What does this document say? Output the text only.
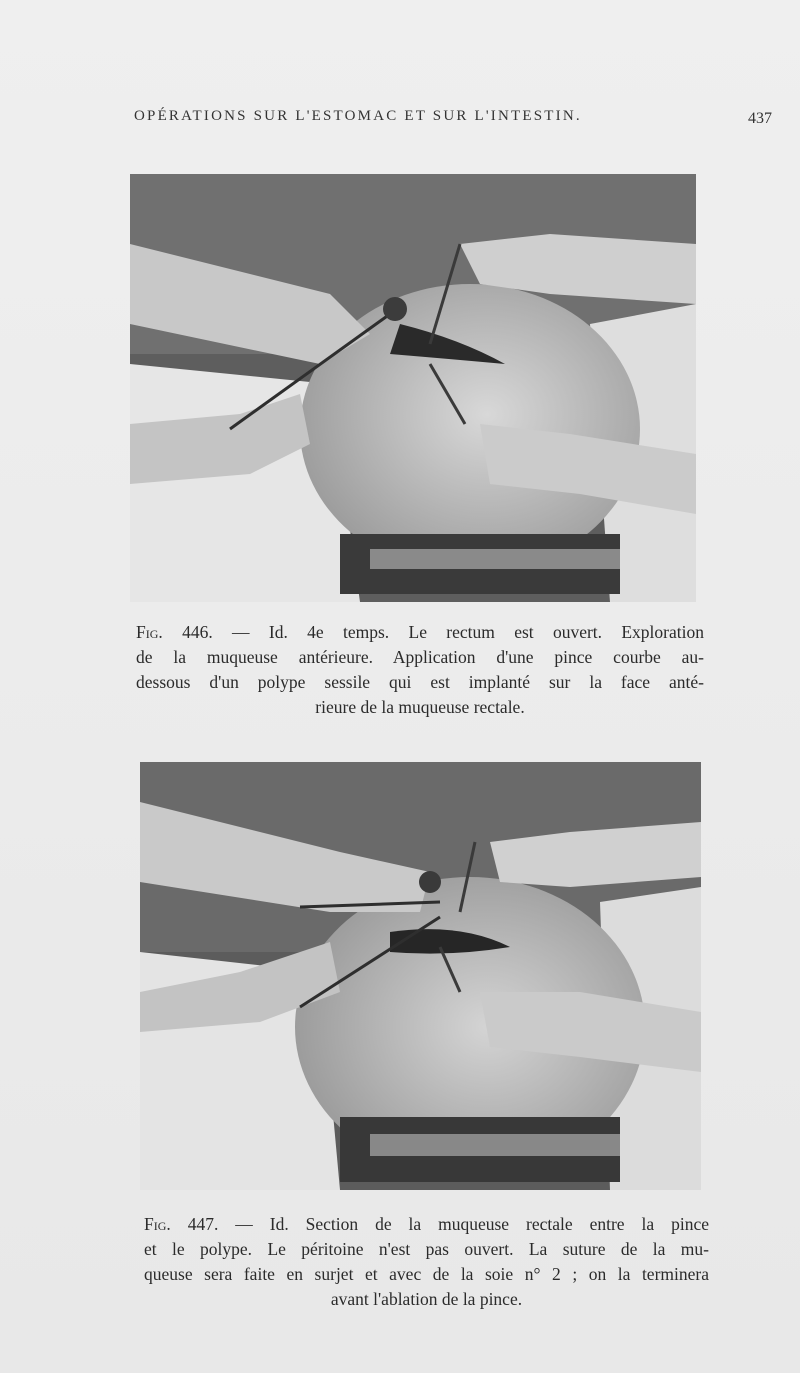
OPÉRATIONS SUR L'ESTOMAC ET SUR L'INTESTIN.	437
Fig. 446. — Id. 4e temps. Le rectum est ouvert. Exploration
de la muqueuse antérieure. Application d'une pince courbe au-
dessous d'un polype sessile qui est implanté sur la face anté-
rieure de la muqueuse rectale.
Fig. 447. — Id. Section de la muqueuse rectale entre la pince
et le polype. Le péritoine n'est pas ouvert. La suture de la mu-
queuse sera faite en surjet et avec de la soie n° 2 ; on la terminera
avant l'ablation de la pince.
